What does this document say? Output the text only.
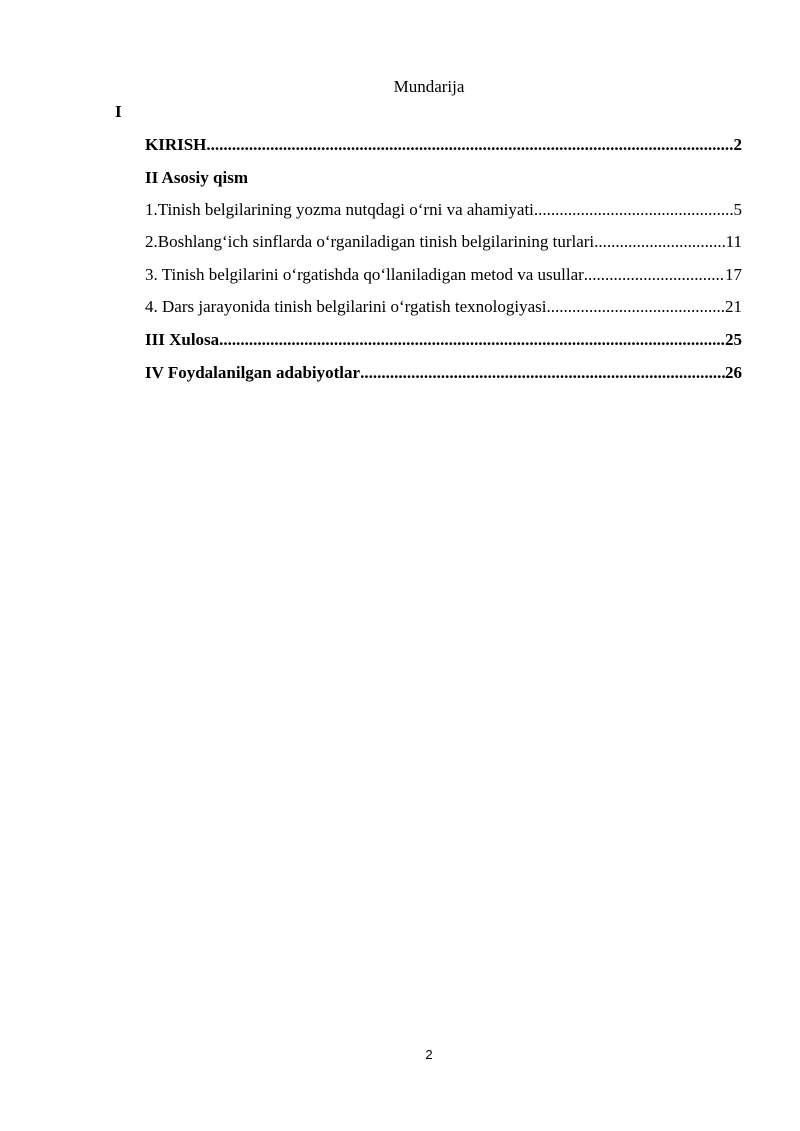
Mundarija
I
KIRISH .....	2
II Asosiy qism
1.Tinish belgilarining yozma nutqdagi o‘rni va ahamiyati .....	5
2.Boshlang‘ich sinflarda o‘rganiladigan tinish belgilarining turlari .....	11
3. Tinish belgilarini o‘rgatishda qo‘llaniladigan metod va usullar .....	17
4. Dars jarayonida tinish belgilarini o‘rgatish texnologiyasi .....	21
III Xulosa .....	25
IV Foydalanilgan adabiyotlar .....	26
2
